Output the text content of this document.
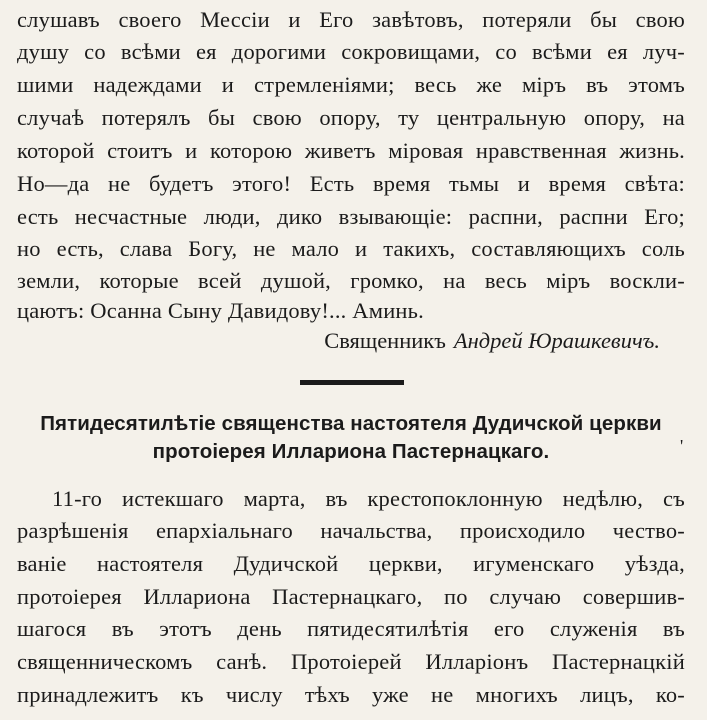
слушавъ своего Мессіи и Его завѣтовъ, потеряли бы свою
душу со всѣми ея дорогими сокровищами, со всѣми ея луч-
шими надеждами и стремленіями; весь же міръ въ этомъ
случаѣ потерялъ бы свою опору, ту центральную опору, на
которой стоитъ и которою живетъ міровая нравственная жизнь.
Но—да не будетъ этого! Есть время тьмы и время свѣта:
есть несчастные люди, дико взывающіе: распни, распни Его;
но есть, слава Богу, не мало и такихъ, составляющихъ соль
земли, которые всей душой, громко, на весь міръ воскли-
цаютъ: Осанна Сыну Давидову!... Аминь.
Священникъ Андрей Юрашкевичъ.
Пятидесятилѣтіе священства настоятеля Дудичской церкви
протоіерея Иллариона Пастернацкаго.	'
11-го истекшаго марта, въ крестопоклонную недѣлю, съ
разрѣшенія епархіальнаго начальства, происходило чество-
ваніе настоятеля Дудичской церкви, игуменскаго уѣзда,
протоіерея Иллариона Пастернацкаго, по случаю совершив-
шагося въ этотъ день пятидесятилѣтія его служенія въ
священническомъ санѣ. Протоіерей Илларіонъ Пастернацкій
принадлежитъ къ числу тѣхъ уже не многихъ лицъ, ко-
